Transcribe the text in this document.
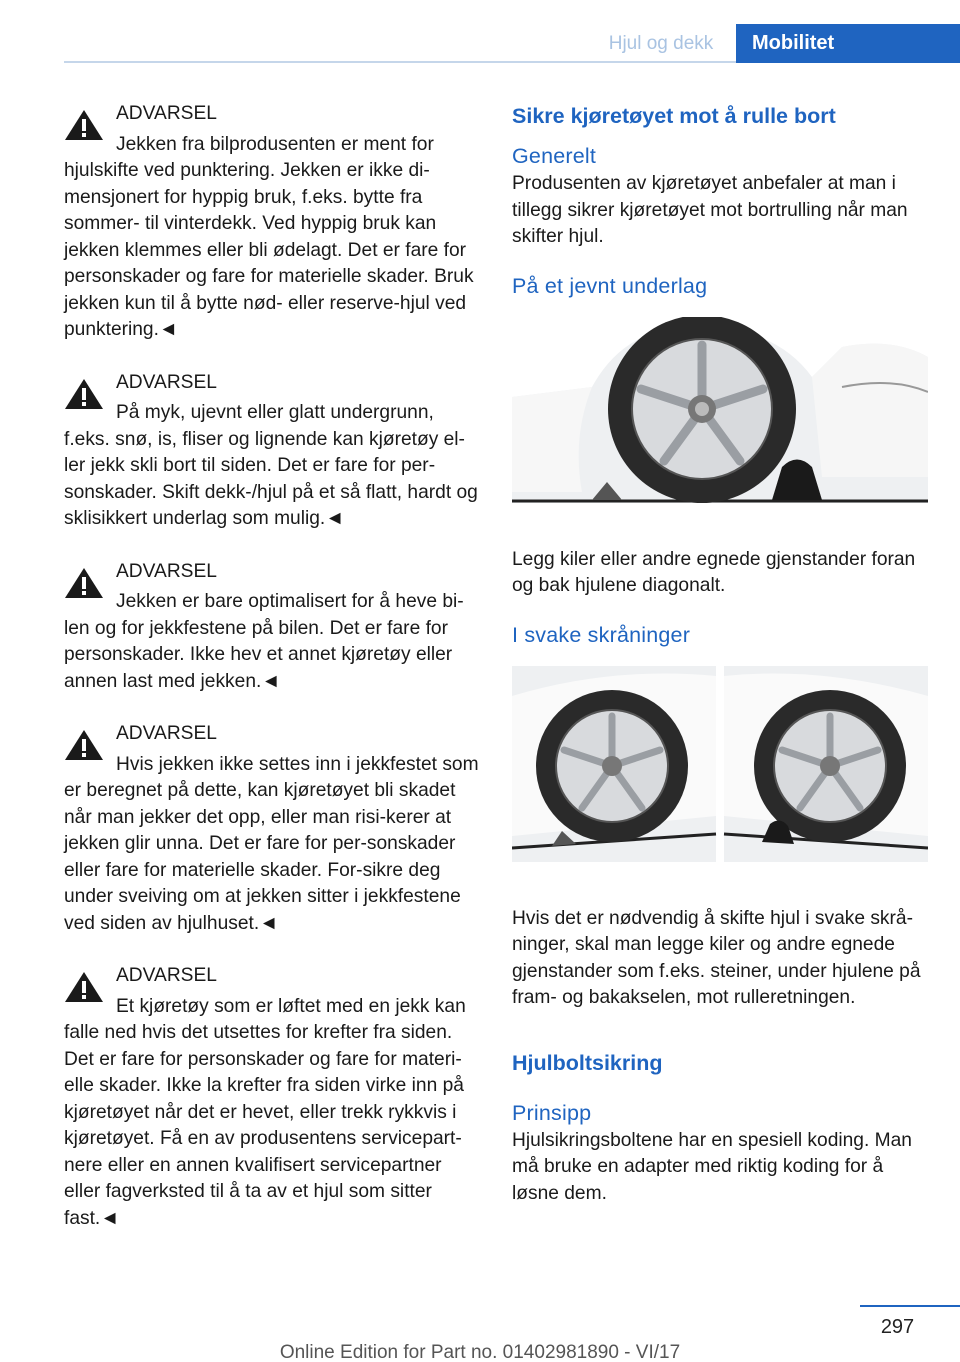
Hjul og dekk	Mobilitet
ADVARSEL
Jekken fra bilprodusenten er ment for hjulskifte ved punktering. Jekken er ikke di-mensjonert for hyppig bruk, f.eks. bytte fra sommer- til vinterdekk. Ved hyppig bruk kan jekken klemmes eller bli ødelagt. Det er fare for personskader og fare for materielle skader. Bruk jekken kun til å bytte nød- eller reserve-hjul ved punktering.◄
ADVARSEL
På myk, ujevnt eller glatt undergrunn, f.eks. snø, is, fliser og lignende kan kjøretøy el-ler jekk skli bort til siden. Det er fare for per-sonskader. Skift dekk-/hjul på et så flatt, hardt og sklisikkert underlag som mulig.◄
ADVARSEL
Jekken er bare optimalisert for å heve bi-len og for jekkfestene på bilen. Det er fare for personskader. Ikke hev et annet kjøretøy eller annen last med jekken.◄
ADVARSEL
Hvis jekken ikke settes inn i jekkfestet som er beregnet på dette, kan kjøretøyet bli skadet når man jekker det opp, eller man risi-kerer at jekken glir unna. Det er fare for per-sonskader eller fare for materielle skader. For-sikre deg under sveiving om at jekken sitter i jekkfestene ved siden av hjulhuset.◄
ADVARSEL
Et kjøretøy som er løftet med en jekk kan falle ned hvis det utsettes for krefter fra siden. Det er fare for personskader og fare for materi-elle skader. Ikke la krefter fra siden virke inn på kjøretøyet når det er hevet, eller trekk rykkvis i kjøretøyet. Få en av produsentens servicepart-nere eller en annen kvalifisert servicepartner eller fagverksted til å ta av et hjul som sitter fast.◄
Sikre kjøretøyet mot å rulle bort
Generelt
Produsenten av kjøretøyet anbefaler at man i tillegg sikrer kjøretøyet mot bortrulling når man skifter hjul.
På et jevnt underlag
Legg kiler eller andre egnede gjenstander foran og bak hjulene diagonalt.
I svake skråninger
Hvis det er nødvendig å skifte hjul i svake skrå-ninger, skal man legge kiler og andre egnede gjenstander som f.eks. steiner, under hjulene på fram- og bakakselen, mot rulleretningen.
Hjulboltsikring
Prinsipp
Hjulsikringsboltene har en spesiell koding. Man må bruke en adapter med riktig koding for å løsne dem.
297
Online Edition for Part no. 01402981890 - VI/17
